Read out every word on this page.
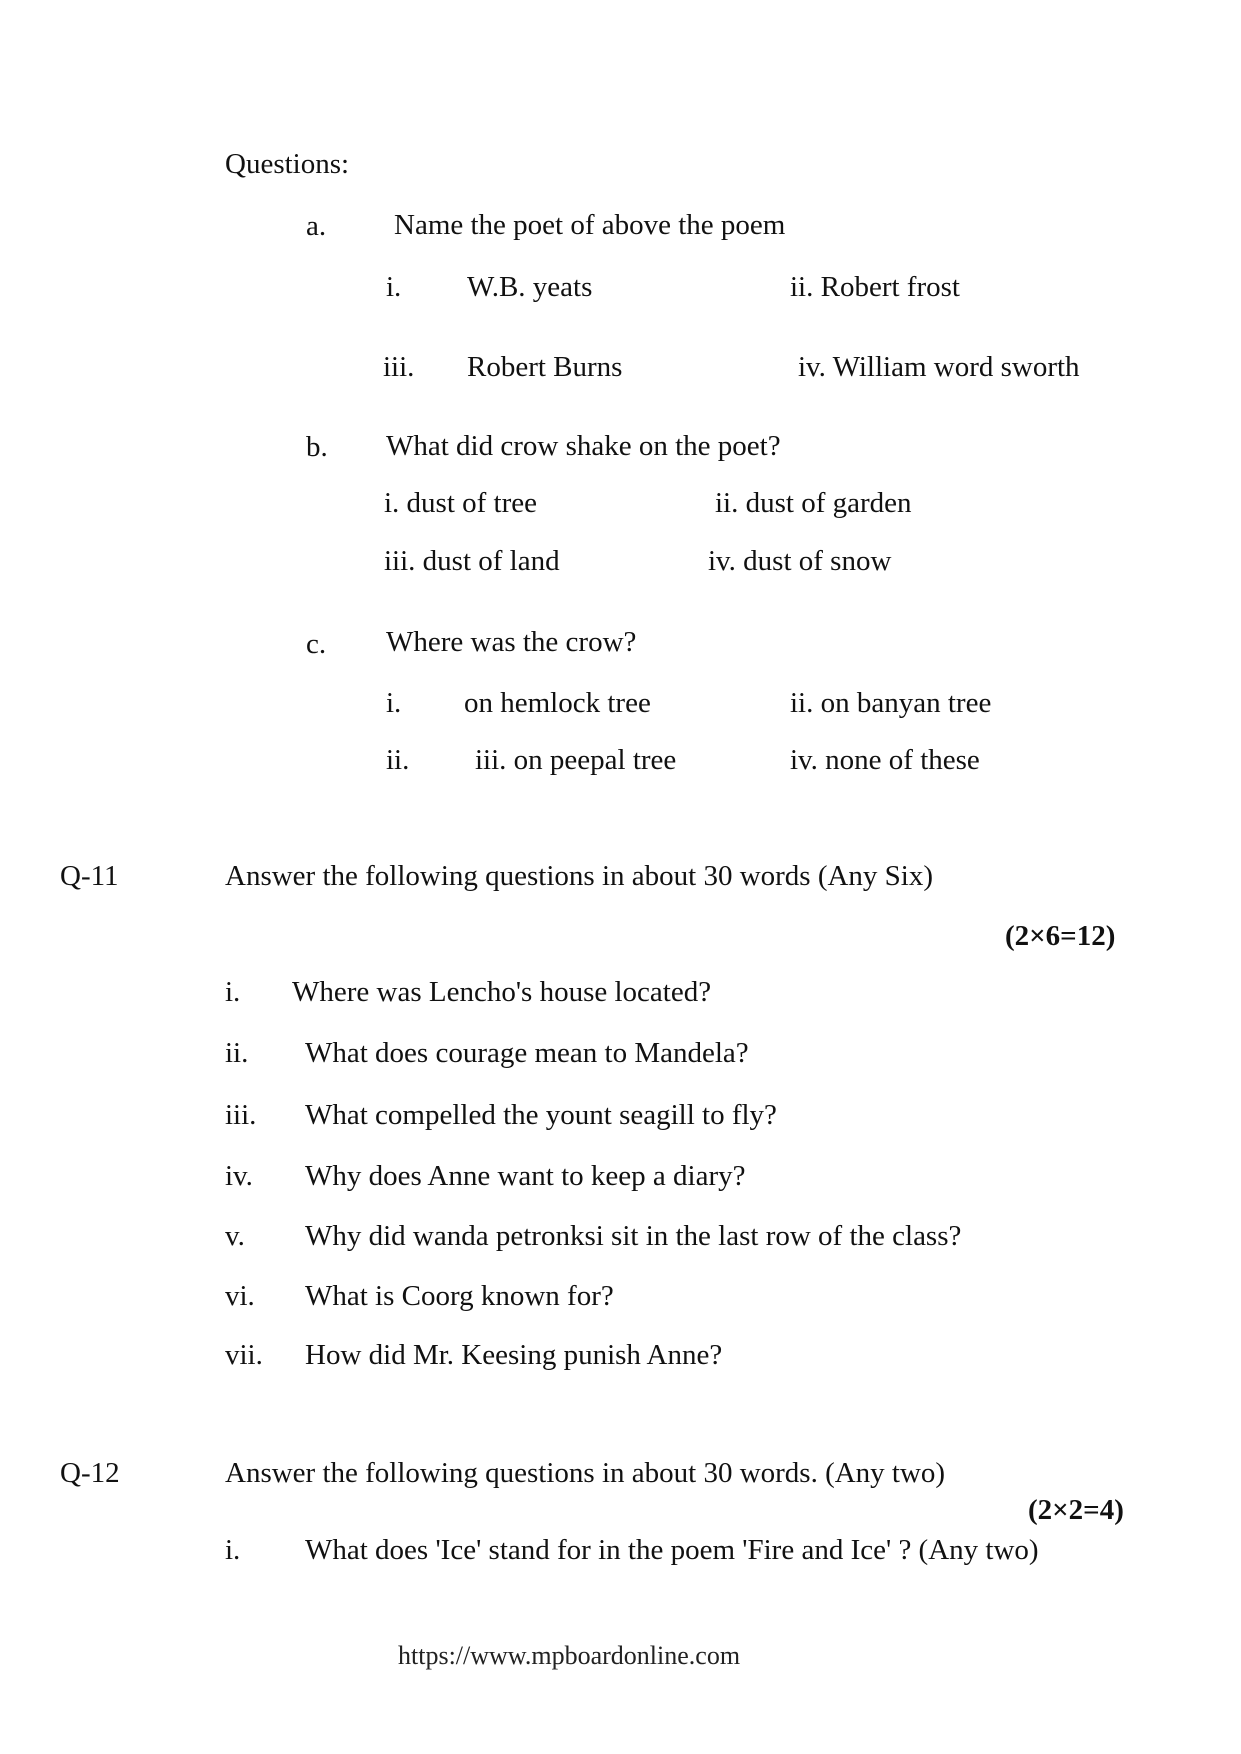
Questions:
a. Name the poet of above the poem
i. W.B. yeats	ii. Robert frost
iii. Robert Burns	iv. William word sworth
b. What did crow shake on the poet?
i. dust of tree	ii. dust of garden
iii. dust of land	iv. dust of snow
c. Where was the crow?
i. on hemlock tree	ii. on banyan tree
ii. iii. on peepal tree	iv. none of these
Q-11	Answer the following questions in about 30 words (Any Six)
(2×6=12)
i. Where was Lencho's house located?
ii. What does courage mean to Mandela?
iii. What compelled the yount seagill to fly?
iv. Why does Anne want to keep a diary?
v. Why did wanda petronksi sit in the last row of the class?
vi. What is Coorg known for?
vii. How did Mr. Keesing punish Anne?
Q-12	Answer the following questions in about 30 words. (Any two)
(2×2=4)
i. What does 'Ice' stand for in the poem 'Fire and Ice' ? (Any two)
https://www.mpboardonline.com
